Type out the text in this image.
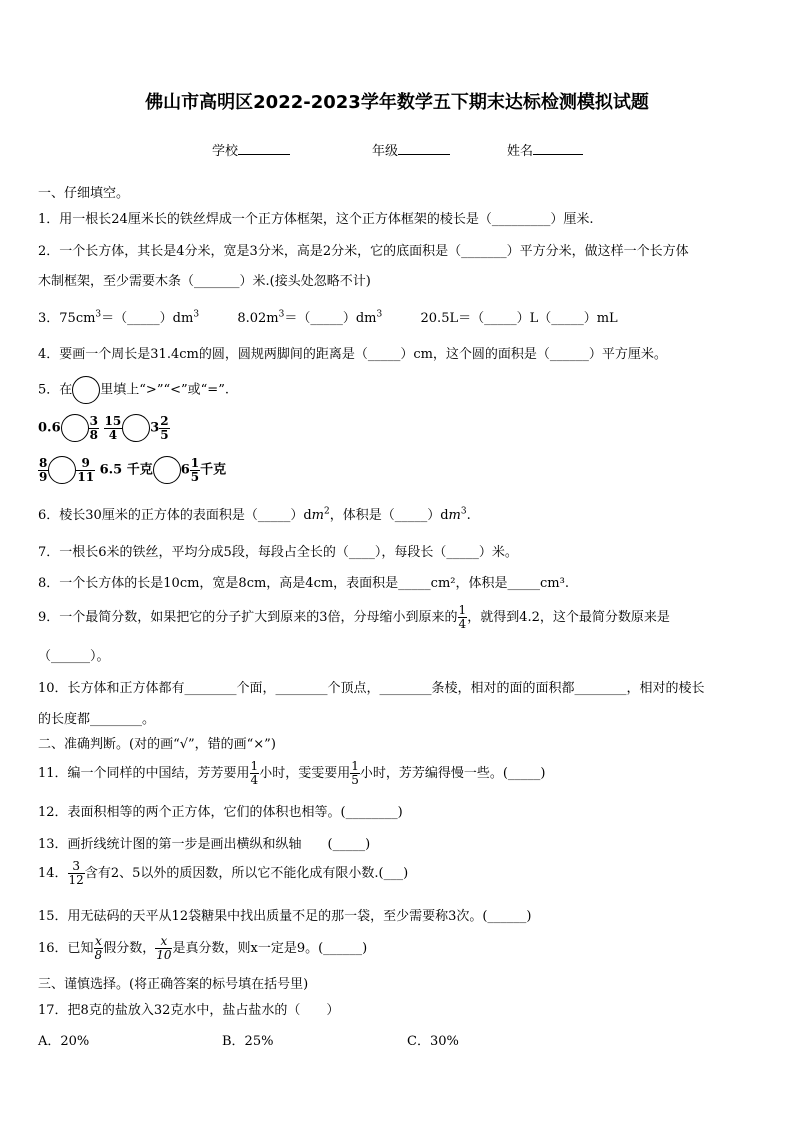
佛山市高明区2022-2023学年数学五下期末达标检测模拟试题
学校	年级	姓名
一、仔细填空。
1．用一根长24厘米长的铁丝焊成一个正方体框架，这个正方体框架的棱长是（_________）厘米.
2．一个长方体，其长是4分米，宽是3分米，高是2分米，它的底面积是（_______）平方分米，做这样一个长方体
木制框架，至少需要木条（_______）米.(接头处忽略不计)
3．$75cm^3=(\_\_\_\_\_)dm^3$	$8.02m^3=(\_\_\_\_\_)dm^3$	20.5L＝（_____）L（_____）mL
4．要画一个周长是31.4cm的圆，圆规两脚间的距离是（_____）cm，这个圆的面积是（______）平方厘米。
5．在 里填上“>”“<”或“=”.
$0.6 \frac{3}{8}$
$\frac{15}{4} 3 \frac{2}{5}$
$\frac{8}{9} \frac{9}{11} 6.5$ 千克 $6 \frac{1}{5}$ 千克
6．棱长30厘米的正方体的表面积是$(\_\_\_\_\_)dm^2$，体积是$(\_\_\_\_\_)dm^3$.
7．一根长6米的铁丝，平均分成5段，每段占全长的（____），每段长（_____）米。
8．一个长方体的长是10cm，宽是8cm，高是4cm，表面积是_____cm²，体积是_____cm³.
9．一个最简分数，如果把它的分子扩大到原来的3倍，分母缩小到原来的 $\frac{1}{4}$ ，就得到4.2，这个最简分数原来是
（______）。
10．长方体和正方体都有________个面，________个顶点，________条棱，相对的面的面积都________，相对的棱长
的长度都________。
二、准确判断。(对的画“√”，错的画“×”)
11．编一个同样的中国结，芳芳要用 $\frac{1}{4}$ 小时，雯雯要用 $\frac{1}{5}$ 小时，芳芳编得慢一些。(_____)
12．表面积相等的两个正方体，它们的体积也相等。(________)
13．画折线统计图的第一步是画出横纵和纵轴　　(_____)
14． $\frac{3}{12}$ 含有2、5以外的质因数，所以它不能化成有限小数.(___)
15．用无砝码的天平从12袋糖果中找出质量不足的那一袋，至少需要称3次。(______)
16．已知 $\frac{x}{8}$ 假分数， $\frac{x}{10}$ 是真分数，则x一定是9。(______)
三、谨慎选择。(将正确答案的标号填在括号里)
17．把8克的盐放入32克水中，盐占盐水的（　　）
A．20%	B．25%	C．30%
